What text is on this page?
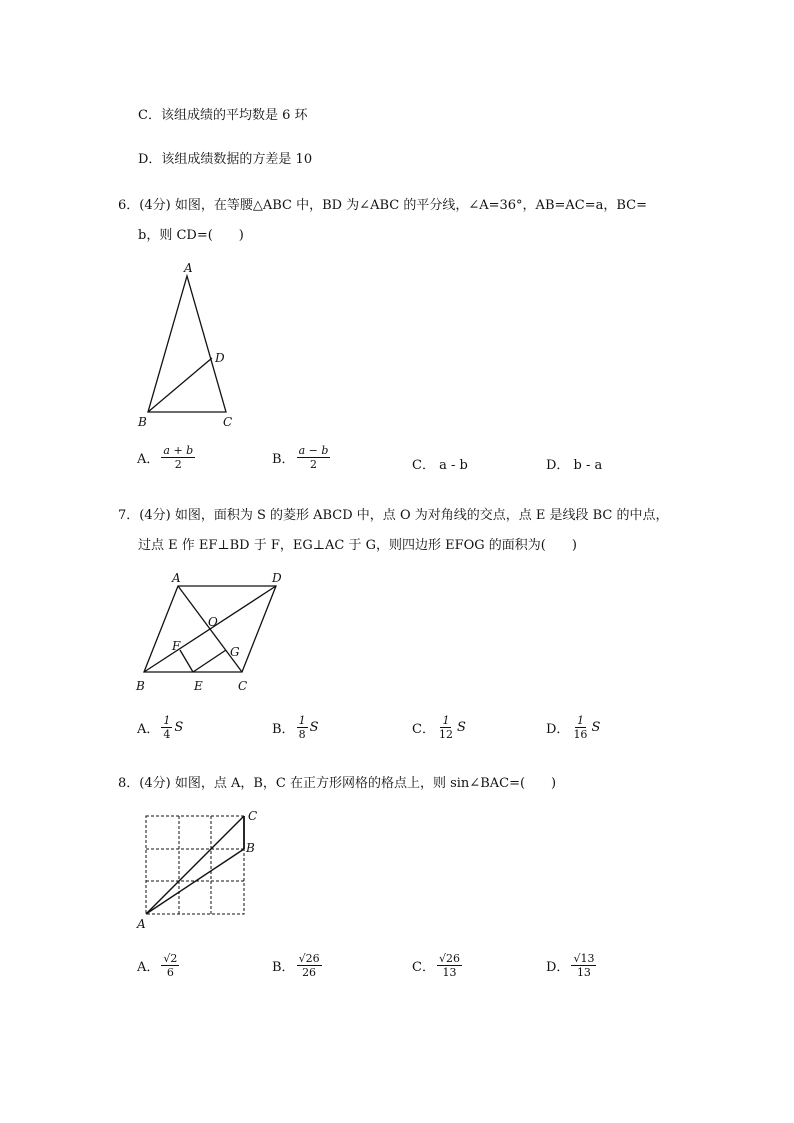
C．该组成绩的平均数是 6 环
D．该组成绩数据的方差是 10
6．(4分) 如图，在等腰△ABC 中，BD 为∠ABC 的平分线，∠A=36°，AB=AC=a，BC=
b，则 CD=(　　)
A
D
B	C
A． $\frac{a + b}{2}$	B． $\frac{a - b}{2}$	C． a - b	D． b - a
7．(4分) 如图，面积为 S 的菱形 ABCD 中，点 O 为对角线的交点，点 E 是线段 BC 的中点，
过点 E 作 EF⊥BD 于 F，EG⊥AC 于 G，则四边形 EFOG 的面积为(　　)
A	D
O
F	G
B	E	C
A． $\frac{1}{4}$ S	B． $\frac{1}{8}$ S	C． $\frac{1}{12}$ S	D． $\frac{1}{16}$ S
8．(4分) 如图，点 A，B，C 在正方形网格的格点上，则 sin∠BAC=(　　)
C
B
A
A． $\frac{√2}{6}$	B． $\frac{√26}{26}$	C． $\frac{√26}{13}$	D． $\frac{√13}{13}$
